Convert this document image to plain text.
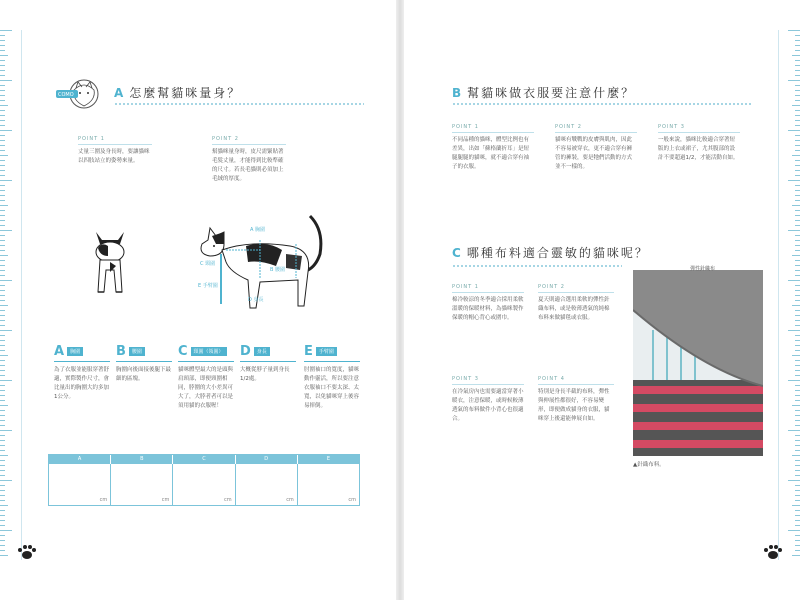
COMO	A 怎麼幫貓咪量身？
POINT 1
丈量三圍及身長時，要讓貓咪以四肢站立的姿勢來量。
POINT 2
幫貓咪量身時，皮尺需緊貼著毛髮丈量，才能得到比較準確的尺寸。若長毛貓則必須加上毛絨的厚度。
A 胸圍
C 頸圍
B 腰圍
E 手臂圍
D 身長
A	胸圍
為了衣服並能服穿著舒適，實際製作尺寸，會比量出的胸圍大約多加1公分。
B	腰圍
胸圍向後面接後腿下最細的區塊。
C	頸圍（領圍）
貓咪體型最大的是頭與肩頸部，即便頸圍相同，脖圍的大小差異可大了，大脖者者可以是須用貓的衣服喔！
D	身長
大概從脖子量到身長1/2處。
E	手臂圍
肘圍袖口的寬度，貓咪動作靈活，所以要注意衣服袖口不要太深、太寬，以免貓咪穿上後容易摔倒。
A	B	C	D	E
cm	cm	cm	cm	cm
B 幫貓咪做衣服要注意什麼？
POINT 1
不同品種的貓咪，體型比例也有差異，出如「蘇格蘭折耳」是短腿腿腿的貓咪，就不適合穿有袖子的衣服。
POINT 2
貓咪有戰戰的皮膚與肌肉，因此不容易被穿衣，更不適合穿有褲管的褲裝，要是牠們活動的方式並不一樣的。
POINT 3
一般來說，貓咪比較適合穿著短版的上衣或裙子，尤其腹部的設計不要超過1/2，才能活動自如。
C 哪種布料適合靈敏的貓咪呢？
POINT 1
棉冷較涼的冬季適合採用柔軟溫暖的保暖材料，為貓咪製作保暖的帽心背心或圍巾。
POINT 2
夏天則適合選用柔軟的彈性針織布料，或是較薄透氣的純棉布料來做貓毯或衣服。
POINT 3
在冷氣房內也需要適當穿著小暖衣，注意保暖，或時候較薄透氣的布料做件小背心也很適合。
POINT 4
特別是身長半截的布料，彈性與伸展性都很好，不容易變形，即便做成貓身的衣服，貓咪穿上後還能伸展自如。
彈性針織布
▲針織布料。
